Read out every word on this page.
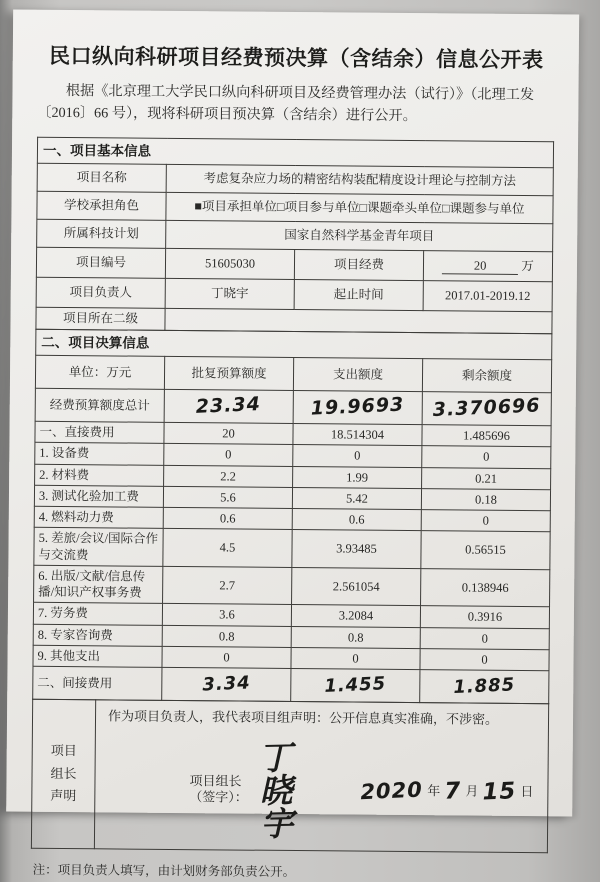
民口纵向科研项目经费预决算（含结余）信息公开表

根据《北京理工大学民口纵向科研项目及经费管理办法（试行）》（北理工发〔2016〕66 号），现将科研项目预决算（含结余）进行公开。

一、项目基本信息			
项目名称	考虑复杂应力场的精密结构装配精度设计理论与控制方法		
学校承担角色	■项目承担单位□项目参与单位□课题牵头单位□课题参与单位		
所属科技计划	国家自然科学基金青年项目		
项目编号	51605030	项目经费	20 万
项目负责人	丁晓宇	起止时间	2017.01-2019.12
项目所在二级			
二、项目决算信息			
单位：万元	批复预算额度	支出额度	剩余额度
经费预算额度总计	23.34	19.9693	3.370696
一、直接费用	20	18.514304	1.485696
1. 设备费	0	0	0
2. 材料费	2.2	1.99	0.21
3. 测试化验加工费	5.6	5.42	0.18
4. 燃料动力费	0.6	0.6	0
5. 差旅/会议/国际合作与交流费	4.5	3.93485	0.56515
6. 出版/文献/信息传播/知识产权事务费	2.7	2.561054	0.138946
7. 劳务费	3.6	3.2084	0.3916
8. 专家咨询费	0.8	0.8	0
9. 其他支出	0	0	0
二、间接费用	3.34	1.455	1.885
项目
组长
声明

作为项目负责人，我代表项目组声明：公开信息真实准确，不涉密。
项目组长（签字）：
丁晓宇
2020 年 7 月 15 日

注：项目负责人填写，由计划财务部负责公开。
